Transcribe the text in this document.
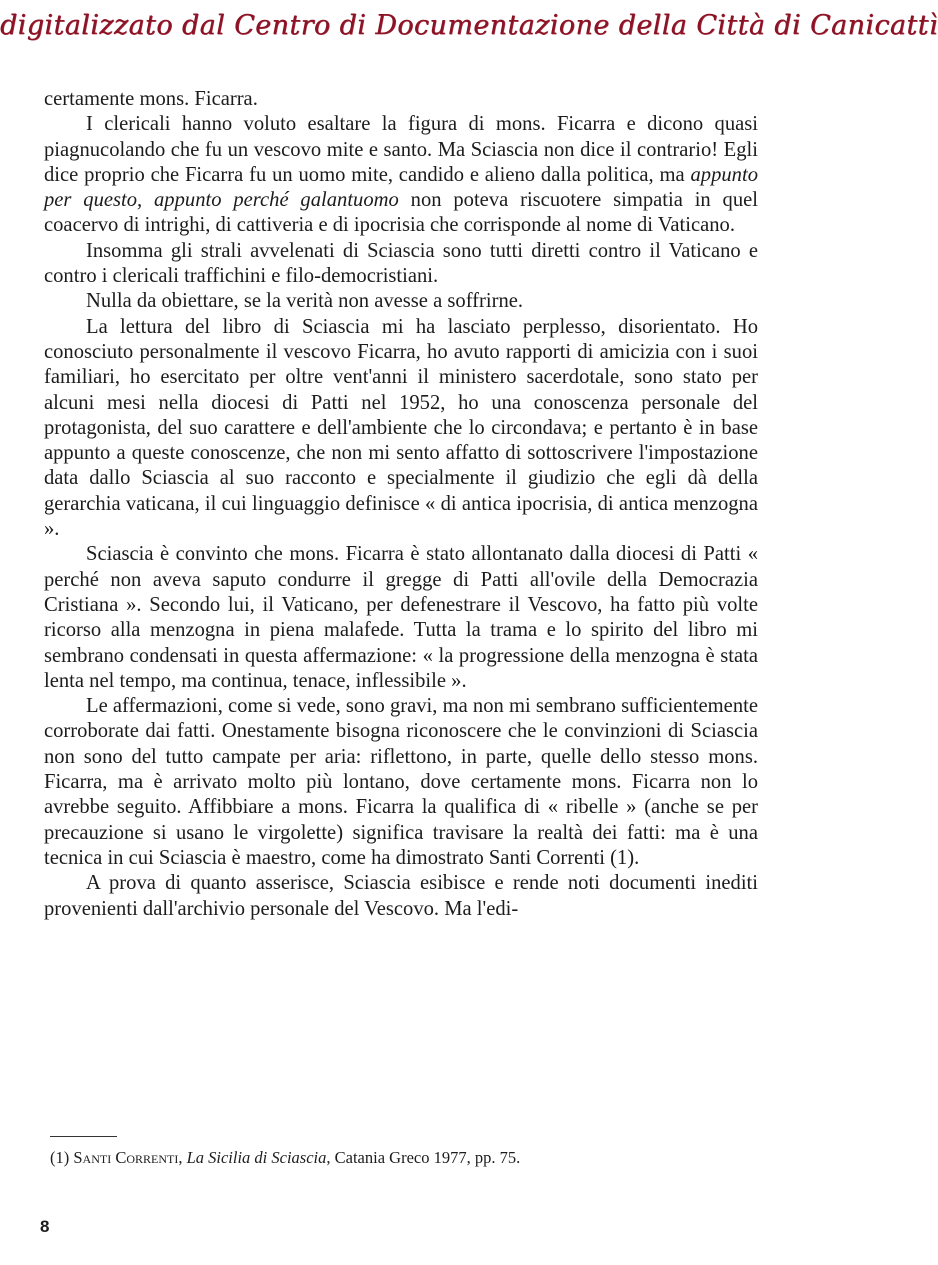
digitalizzato dal Centro di Documentazione della Città di Canicattì

certamente mons. Ficarra.

I clericali hanno voluto esaltare la figura di mons. Ficarra e dicono quasi piagnucolando che fu un vescovo mite e santo. Ma Sciascia non dice il contrario! Egli dice proprio che Ficarra fu un uomo mite, candido e alieno dalla politica, ma appunto per questo, appunto perché galantuomo non poteva riscuotere simpatia in quel coacervo di intrighi, di cattiveria e di ipocrisia che corrisponde al nome di Vaticano.

Insomma gli strali avvelenati di Sciascia sono tutti diretti contro il Vaticano e contro i clericali traffichini e filo-democristiani.

Nulla da obiettare, se la verità non avesse a soffrirne.

La lettura del libro di Sciascia mi ha lasciato perplesso, disorientato. Ho conosciuto personalmente il vescovo Ficarra, ho avuto rapporti di amicizia con i suoi familiari, ho esercitato per oltre vent'anni il ministero sacerdotale, sono stato per alcuni mesi nella diocesi di Patti nel 1952, ho una conoscenza personale del protagonista, del suo carattere e dell'ambiente che lo circondava; e pertanto è in base appunto a queste conoscenze, che non mi sento affatto di sottoscrivere l'impostazione data dallo Sciascia al suo racconto e specialmente il giudizio che egli dà della gerarchia vaticana, il cui linguaggio definisce « di antica ipocrisia, di antica menzogna ».

Sciascia è convinto che mons. Ficarra è stato allontanato dalla diocesi di Patti « perché non aveva saputo condurre il gregge di Patti all'ovile della Democrazia Cristiana ». Secondo lui, il Vaticano, per defenestrare il Vescovo, ha fatto più volte ricorso alla menzogna in piena malafede. Tutta la trama e lo spirito del libro mi sembrano condensati in questa affermazione: « la progressione della menzogna è stata lenta nel tempo, ma continua, tenace, inflessibile ».

Le affermazioni, come si vede, sono gravi, ma non mi sembrano sufficientemente corroborate dai fatti. Onestamente bisogna riconoscere che le convinzioni di Sciascia non sono del tutto campate per aria: riflettono, in parte, quelle dello stesso mons. Ficarra, ma è arrivato molto più lontano, dove certamente mons. Ficarra non lo avrebbe seguito. Affibbiare a mons. Ficarra la qualifica di « ribelle » (anche se per precauzione si usano le virgolette) significa travisare la realtà dei fatti: ma è una tecnica in cui Sciascia è maestro, come ha dimostrato Santi Correnti (1).

A prova di quanto asserisce, Sciascia esibisce e rende noti documenti inediti provenienti dall'archivio personale del Vescovo. Ma l'edi-

(1) Santi Correnti, La Sicilia di Sciascia, Catania Greco 1977, pp. 75.
8
